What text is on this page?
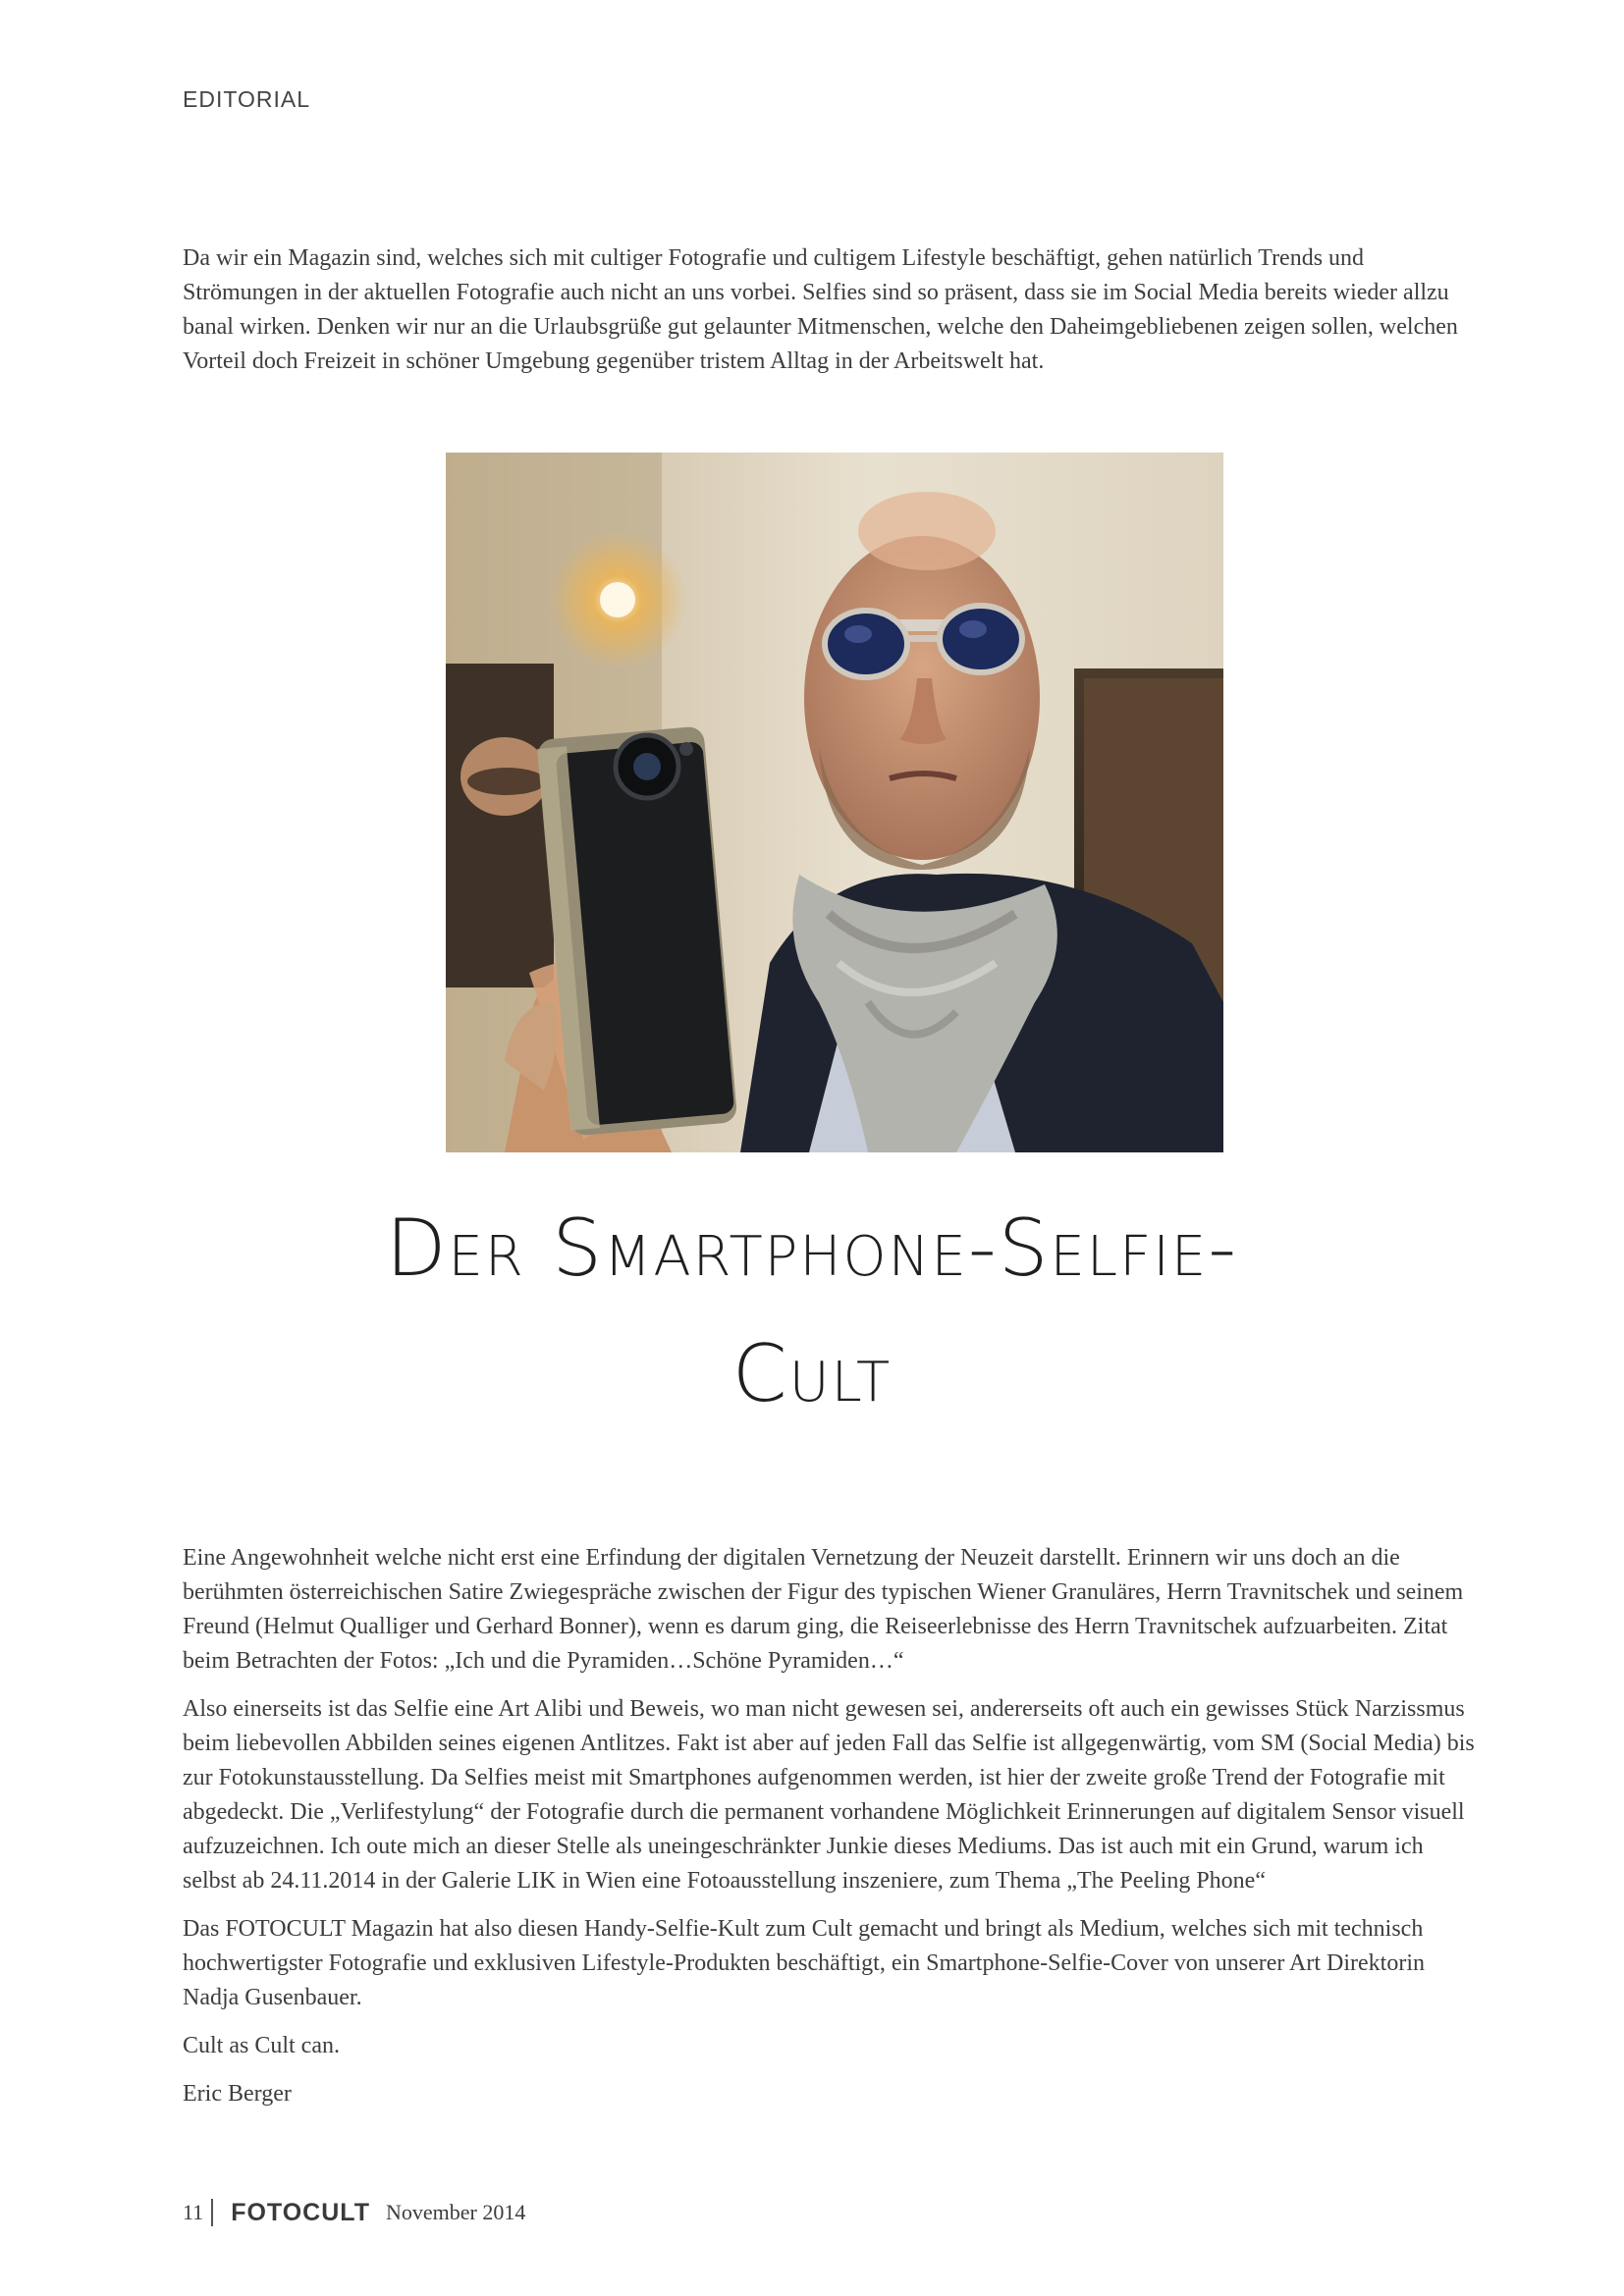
EDITORIAL

Da wir ein Magazin sind, welches sich mit cultiger Fotografie und cultigem Lifestyle beschäftigt, gehen natürlich Trends und Strömungen in der aktuellen Fotografie auch nicht an uns vorbei. Selfies sind so präsent, dass sie im Social Media bereits wieder allzu banal wirken. Denken wir nur an die Urlaubsgrüße gut gelaunter Mitmenschen, welche den Daheimgebliebenen zeigen sollen, welchen Vorteil doch Freizeit in schöner Umgebung gegenüber tristem Alltag in der Arbeitswelt hat.

Der Smartphone-Selfie-
Cult

Eine Angewohnheit welche nicht erst eine Erfindung der digitalen Vernetzung der Neuzeit darstellt. Erinnern wir uns doch an die berühmten österreichischen Satire Zwiegespräche zwischen der Figur des typischen Wiener Granuläres, Herrn Travnitschek und seinem Freund (Helmut Qualliger und Gerhard Bonner), wenn es darum ging, die Reiseerlebnisse des Herrn Travnitschek aufzuarbeiten. Zitat beim Betrachten der Fotos: „Ich und die Pyramiden…Schöne Pyramiden…“

Also einerseits ist das Selfie eine Art Alibi und Beweis, wo man nicht gewesen sei, andererseits oft auch ein gewisses Stück Narzissmus beim liebevollen Abbilden seines eigenen Antlitzes. Fakt ist aber auf jeden Fall das Selfie ist allgegenwärtig, vom SM (Social Media) bis zur Fotokunstausstellung. Da Selfies meist mit Smartphones aufgenommen werden, ist hier der zweite große Trend der Fotografie mit abgedeckt. Die „Verlifestylung“ der Fotografie durch die permanent vorhandene Möglichkeit Erinnerungen auf digitalem Sensor visuell aufzuzeichnen. Ich oute mich an dieser Stelle als uneingeschränkter Junkie dieses Mediums. Das ist auch mit ein Grund, warum ich selbst ab 24.11.2014 in der Galerie LIK in Wien eine Fotoausstellung inszeniere, zum Thema „The Peeling Phone“

Das FOTOCULT Magazin hat also diesen Handy-Selfie-Kult zum Cult gemacht und bringt als Medium, welches sich mit technisch hochwertigster Fotografie und exklusiven Lifestyle-Produkten beschäftigt, ein Smartphone-Selfie-Cover von unserer Art Direktorin Nadja Gusenbauer.

Cult as Cult can.

Eric Berger

11 FOTOCULT November 2014
